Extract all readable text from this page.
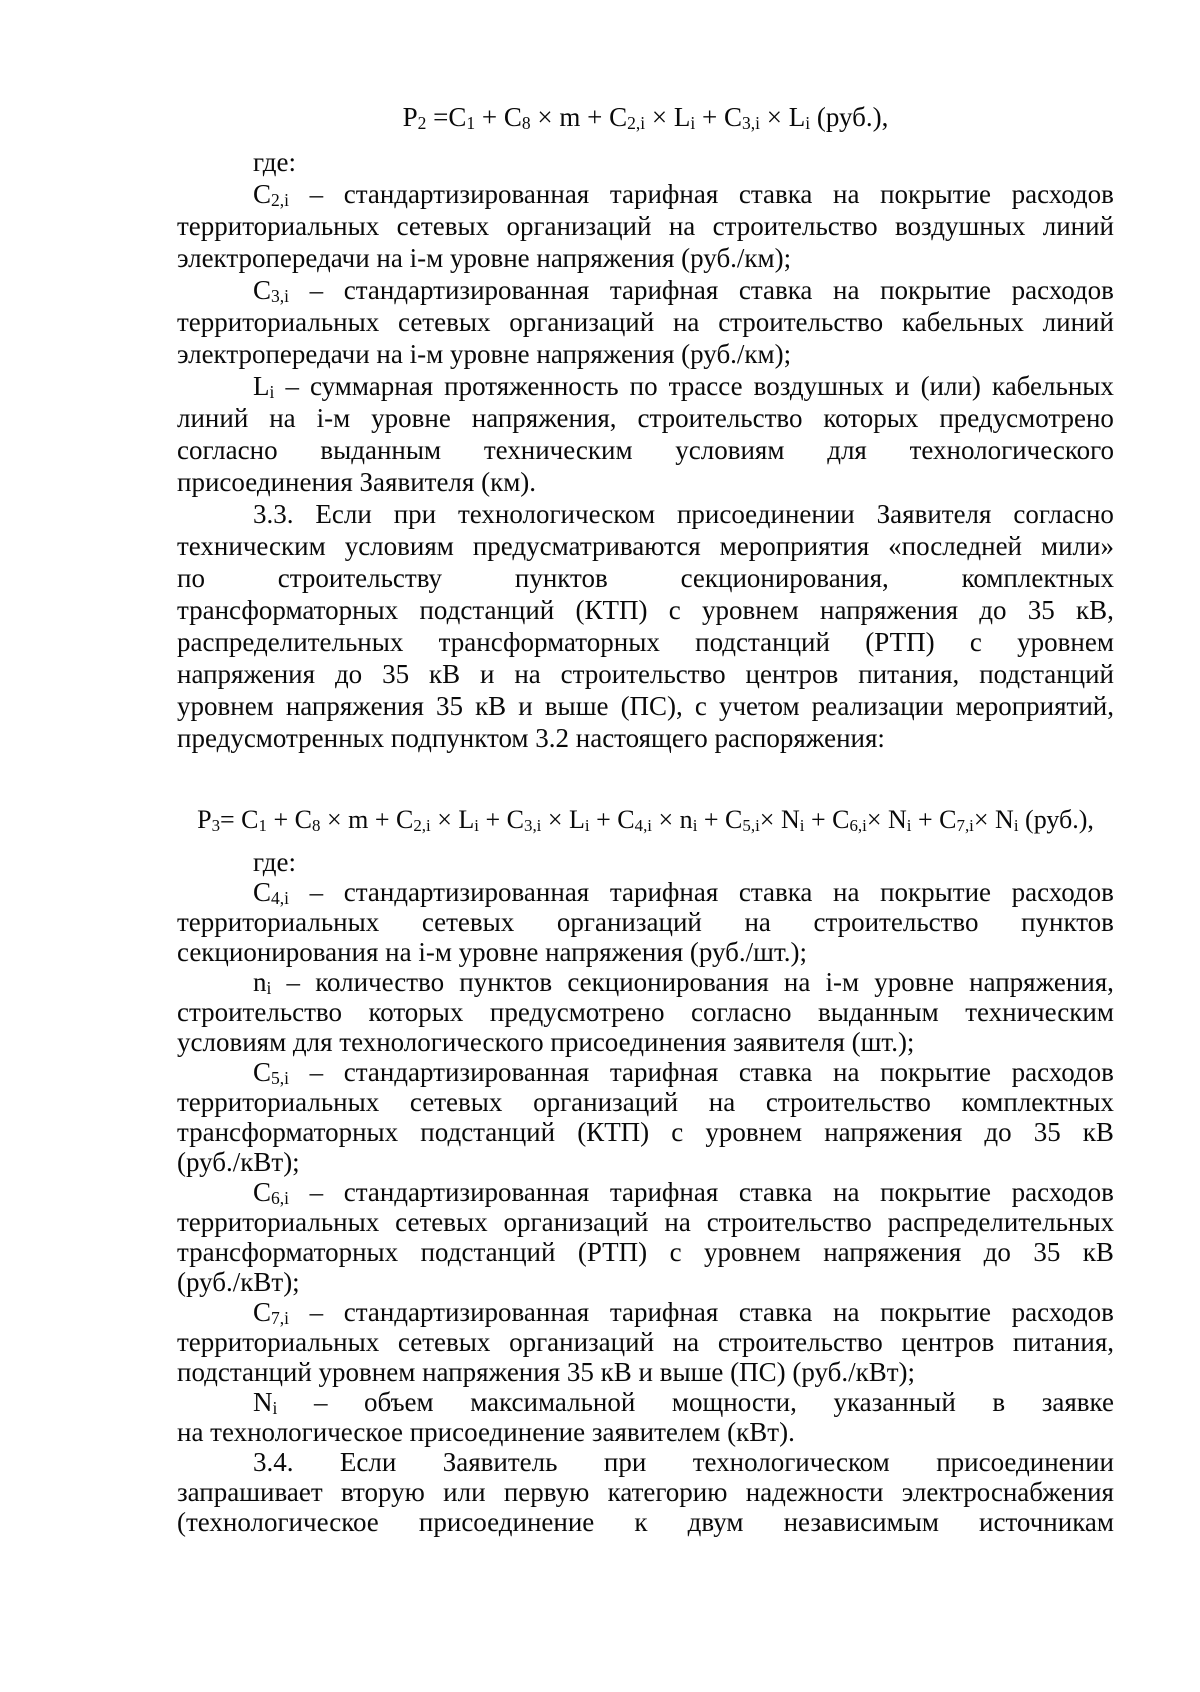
$P_2 =C_1 + C_8 \times m + C_{2,i} \times L_i + C_{3,i} \times L_i$ (руб.),
где:
$C_{2,i}$ – стандартизированная тарифная ставка на покрытие расходов
территориальных сетевых организаций на строительство воздушных линий
электропередачи на i-м уровне напряжения (руб./км);
$C_{3,i}$ – стандартизированная тарифная ставка на покрытие расходов
территориальных сетевых организаций на строительство кабельных линий
электропередачи на i-м уровне напряжения (руб./км);
$L_i$ – суммарная протяженность по трассе воздушных и (или) кабельных
линий на i-м уровне напряжения, строительство которых предусмотрено
согласно выданным техническим условиям для технологического
присоединения Заявителя (км).
3.3. Если при технологическом присоединении Заявителя согласно
техническим условиям предусматриваются мероприятия «последней мили»
по	строительству	пунктов	секционирования,	комплектных
трансформаторных подстанций (КТП) с уровнем напряжения до 35 кВ,
распределительных трансформаторных подстанций (РТП) с уровнем
напряжения до 35 кВ и на строительство центров питания, подстанций
уровнем напряжения 35 кВ и выше (ПС), с учетом реализации мероприятий,
предусмотренных подпунктом 3.2 настоящего распоряжения:
$P_3= C_1 + C_8 \times m + C_{2,i} \times L_i + C_{3,i} \times L_i + C_{4,i} \times n_i + C_{5,i}\times N_i + C_{6,i}\times N_i + C_{7,i}\times N_i$ (руб.),
где:
$C_{4,i}$ – стандартизированная тарифная ставка на покрытие расходов
территориальных сетевых организаций на строительство пунктов
секционирования на i-м уровне напряжения (руб./шт.);
$n_i$ – количество пунктов секционирования на i-м уровне напряжения,
строительство которых предусмотрено согласно выданным техническим
условиям для технологического присоединения заявителя (шт.);
$C_{5,i}$ – стандартизированная тарифная ставка на покрытие расходов
территориальных сетевых организаций на строительство комплектных
трансформаторных подстанций (КТП) с уровнем напряжения до 35 кВ
(руб./кВт);
$C_{6,i}$ – стандартизированная тарифная ставка на покрытие расходов
территориальных сетевых организаций на строительство распределительных
трансформаторных подстанций (РТП) с уровнем напряжения до 35 кВ
(руб./кВт);
$C_{7,i}$ – стандартизированная тарифная ставка на покрытие расходов
территориальных сетевых организаций на строительство центров питания,
подстанций уровнем напряжения 35 кВ и выше (ПС) (руб./кВт);
$N_i$ – объем максимальной мощности, указанный в заявке
на технологическое присоединение заявителем (кВт).
3.4. Если Заявитель при технологическом присоединении
запрашивает вторую или первую категорию надежности электроснабжения
(технологическое присоединение к двум независимым источникам
